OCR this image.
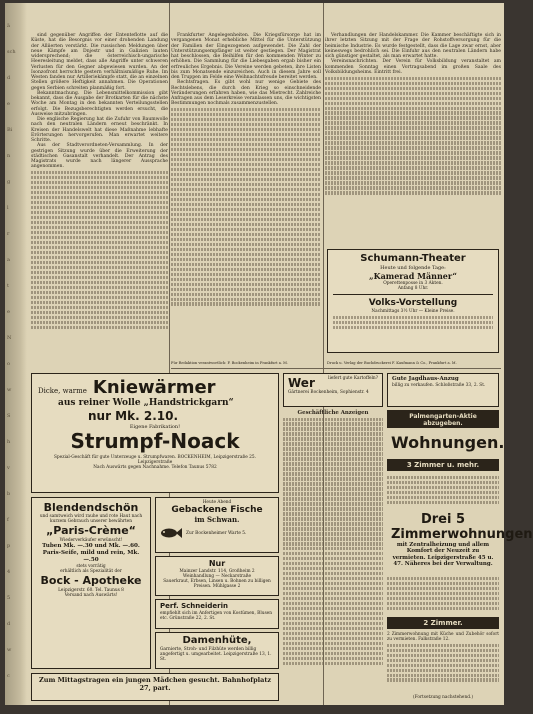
ä
sch
d
e
Bi
n
g
l
r
a
t
e
N
o
w
S
h
v
b
f
p
4
5
d
w
c

sind gegenüber Angriffen der Ententeflotte auf die Küste, hat die Besorgnis vor einer drohenden Landung der Alliierten verstärkt. Die russischen Meldungen über neue Kämpfe am Dnjestr und in Galizien lauten widersprechend; die österreichisch-ungarische Heeresleitung meldet, dass alle Angriffe unter schweren Verlusten für den Gegner abgewiesen wurden. An der Isonzofront herrschte gestern verhältnismäßige Ruhe. Im Westen fanden nur Artilleriekämpfe statt, die an einzelnen Stellen größere Heftigkeit annahmen. Die Operationen gegen Serbien schreiten planmäßig fort.

Bekanntmachung. Die Lebensmittelkommission gibt bekannt, dass die Ausgabe der Brotkarten für die nächste Woche am Montag in den bekannten Verteilungsstellen erfolgt. Die Bezugsberechtigten werden ersucht, die Ausweise mitzubringen.

Die englische Regierung hat die Zufuhr von Baumwolle nach den neutralen Ländern erneut beschränkt. In Kreisen der Handelswelt hat diese Maßnahme lebhafte Erörterungen hervorgerufen. Man erwartet weitere Schritte.

Aus der Stadtverordneten-Versammlung. In der gestrigen Sitzung wurde über die Erweiterung der städtischen Gasanstalt verhandelt. Der Antrag des Magistrats wurde nach längerer Aussprache angenommen.

Frankfurter Angelegenheiten. Die Kriegsfürsorge hat im vergangenen Monat erhebliche Mittel für die Unterstützung der Familien der Eingezogenen aufgewendet. Die Zahl der Unterstützungsempfänger ist weiter gestiegen. Der Magistrat hat beschlossen, die Beihilfen für den kommenden Winter zu erhöhen. Die Sammlung für die Liebesgaben ergab bisher ein erfreuliches Ergebnis. Die Vereine werden gebeten, ihre Listen bis zum Monatsende einzureichen. Auch in diesem Jahre soll den Truppen im Felde eine Weihnachtsfreude bereitet werden.

Rechtsfragen. Es gibt wohl nur wenige Gebiete des Rechtslebens, die durch den Krieg so einschneidende Veränderungen erfahren haben, wie das Mietrecht. Zahlreiche Anfragen aus dem Leserkreise veranlassen uns, die wichtigsten Bestimmungen nochmals zusammenzustellen.

Verhandlungen der Handelskammer. Die Kammer beschäftigte sich in ihrer letzten Sitzung mit der Frage der Rohstoffversorgung für die heimische Industrie. Es wurde festgestellt, dass die Lage zwar ernst, aber keineswegs bedrohlich sei. Die Einfuhr aus den neutralen Ländern habe sich günstiger gestaltet, als man erwartet hatte.

Vereinsnachrichten. Der Verein für Volksbildung veranstaltet am kommenden Sonntag einen Vortragsabend im großen Saale des Volksbildungsheims. Eintritt frei.

Schumann-Theater
Heute und folgende Tage:
„Kamerad Männer“
Operettenposse in 3 Akten.
Anfang 8 Uhr.
Volks-Vorstellung
Nachmittags 3½ Uhr — Kleine Preise.
Für Redaktion verantwortlich: F. Bockenheim in Frankfurt a. M.	Druck u. Verlag der Buchdruckerei F. Kaufmann & Co., Frankfurt a. M.
Dicke, warme Kniewärmer
aus reiner Wolle „Handstrickgarn“
nur Mk. 2.10.
Eigene Fabrikation!
Strumpf-Noack
Spezial-Geschäft für gute Unterzeuge u. Strumpfwaren. BOCKENHEIM, Leipzigerstraße 25. Leipzigerstraße
Nach Auswärts gegen Nachnahme. Telefon Taunus 5782
Blendendschön
und samtweich wird rauhe und rote Haut nach kurzem Gebrauch unserer bewährten
„Paris-Crème“
Wiederverkäufer erwünscht!
Tuben Mk. —.30 und Mk. —.60.
Paris-Seife, mild und rein, Mk. —.50
stets vorrätig
erhältlich als Spezialität der
Bock - Apotheke
Leipzigerstr. 60. Tel. Taunus 8
Versand nach Auswärts!
Heute Abend
Gebackene Fische
im Schwan.
Zur Bockenheimer Warte 5.
Nur
Mainzer Landstr. 114, Großheim 2
Weinhandlung — Neckarstraße
Sauerkraut, Erbsen, Linsen u. Bohnen zu billigen Preisen. Mühlgasse 2
Perf. Schneiderin
empfiehlt sich im Anfertigen von Kostümen, Blusen etc. Grünstraße 22, 2. St.
Damenhüte,
Garnierte, Stroh- und Filzhüte werden billig angefertigt u. umgearbeitet. Leipzigerstraße 13, 1. St.
Zum Mittagstragen ein jungen Mädchen gesucht. Bahnhofplatz 27, part.
Wer	liefert gute Kartoffeln?
Gärtnerei Bockenheim, Sophienstr. 4
Geschäftliche Anzeigen
Gute Jagdhaus-Anzug
billig zu verkaufen. Schloßstraße 33, 2. St.
Palmengarten-Aktie abzugeben.
Wohnungen.
3 Zimmer u. mehr.
Drei 5 Zimmerwohnungen
mit Zentralheizung und allem Komfort der Neuzeit zu vermieten. Leipzigerstraße 45 u. 47. Näheres bei der Verwaltung.
2 Zimmer.
2 Zimmerwohnung mit Küche und Zubehör sofort zu vermieten. Falkstraße 12.
(Fortsetzung nachstehend.)
